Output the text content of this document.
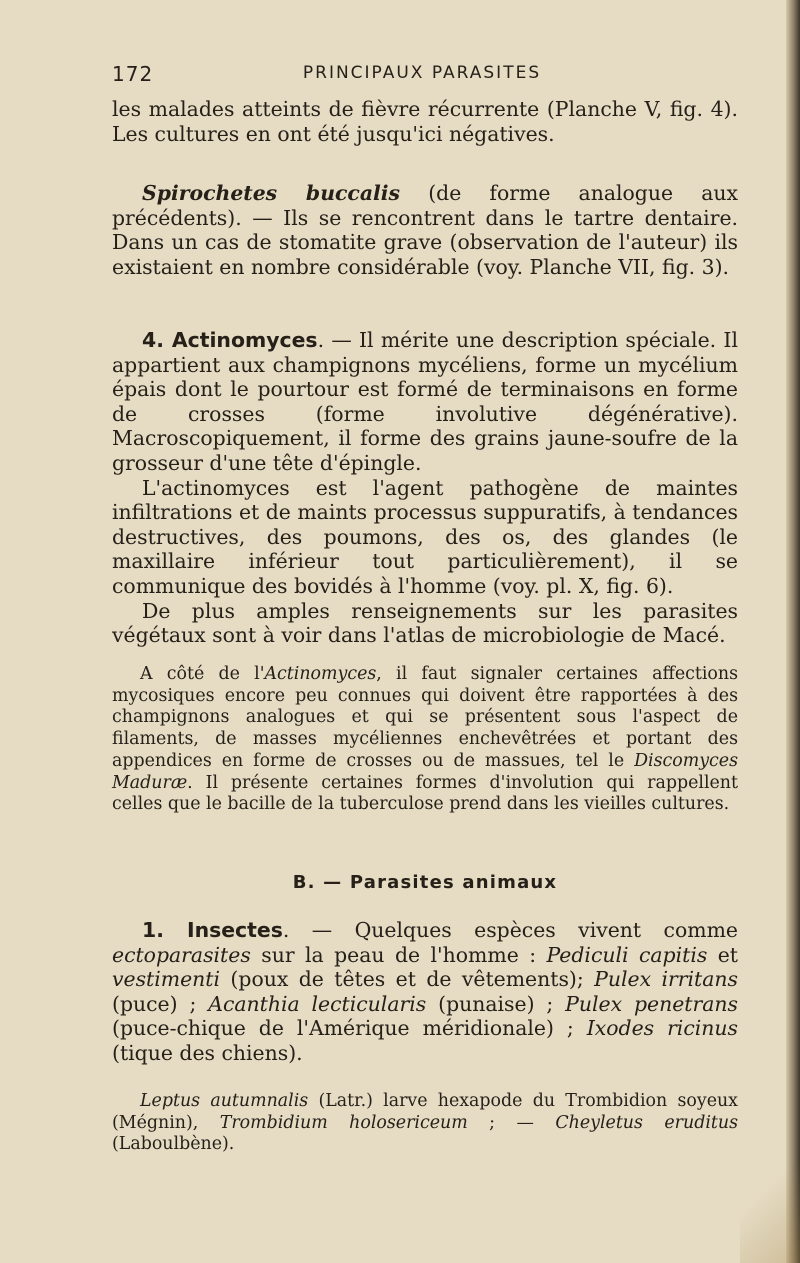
172	PRINCIPAUX PARASITES

les malades atteints de fièvre récurrente (Planche V, fig. 4). Les cultures en ont été jusqu'ici négatives.

Spirochetes buccalis (de forme analogue aux précédents). — Ils se rencontrent dans le tartre dentaire. Dans un cas de stomatite grave (observation de l'auteur) ils existaient en nombre considérable (voy. Planche VII, fig. 3).

4. Actinomyces. — Il mérite une description spéciale. Il appartient aux champignons mycéliens, forme un mycélium épais dont le pourtour est formé de terminaisons en forme de crosses (forme involutive dégénérative). Macroscopiquement, il forme des grains jaune-soufre de la grosseur d'une tête d'épingle.

L'actinomyces est l'agent pathogène de maintes infiltrations et de maints processus suppuratifs, à tendances destructives, des poumons, des os, des glandes (le maxillaire inférieur tout particulièrement), il se communique des bovidés à l'homme (voy. pl. X, fig. 6).

De plus amples renseignements sur les parasites végétaux sont à voir dans l'atlas de microbiologie de Macé.

A côté de l'Actinomyces, il faut signaler certaines affections mycosiques encore peu connues qui doivent être rapportées à des champignons analogues et qui se présentent sous l'aspect de filaments, de masses mycéliennes enchevêtrées et portant des appendices en forme de crosses ou de massues, tel le Discomyces Maduræ. Il présente certaines formes d'involution qui rappellent celles que le bacille de la tuberculose prend dans les vieilles cultures.

B. — Parasites animaux

1. Insectes. — Quelques espèces vivent comme ectoparasites sur la peau de l'homme : Pediculi capitis et vestimenti (poux de têtes et de vêtements); Pulex irritans (puce) ; Acanthia lecticularis (punaise) ; Pulex penetrans (puce-chique de l'Amérique méridionale) ; Ixodes ricinus (tique des chiens).

Leptus autumnalis (Latr.) larve hexapode du Trombidion soyeux (Mégnin), Trombidium holosericeum ; — Cheyletus eruditus (Laboulbène).
